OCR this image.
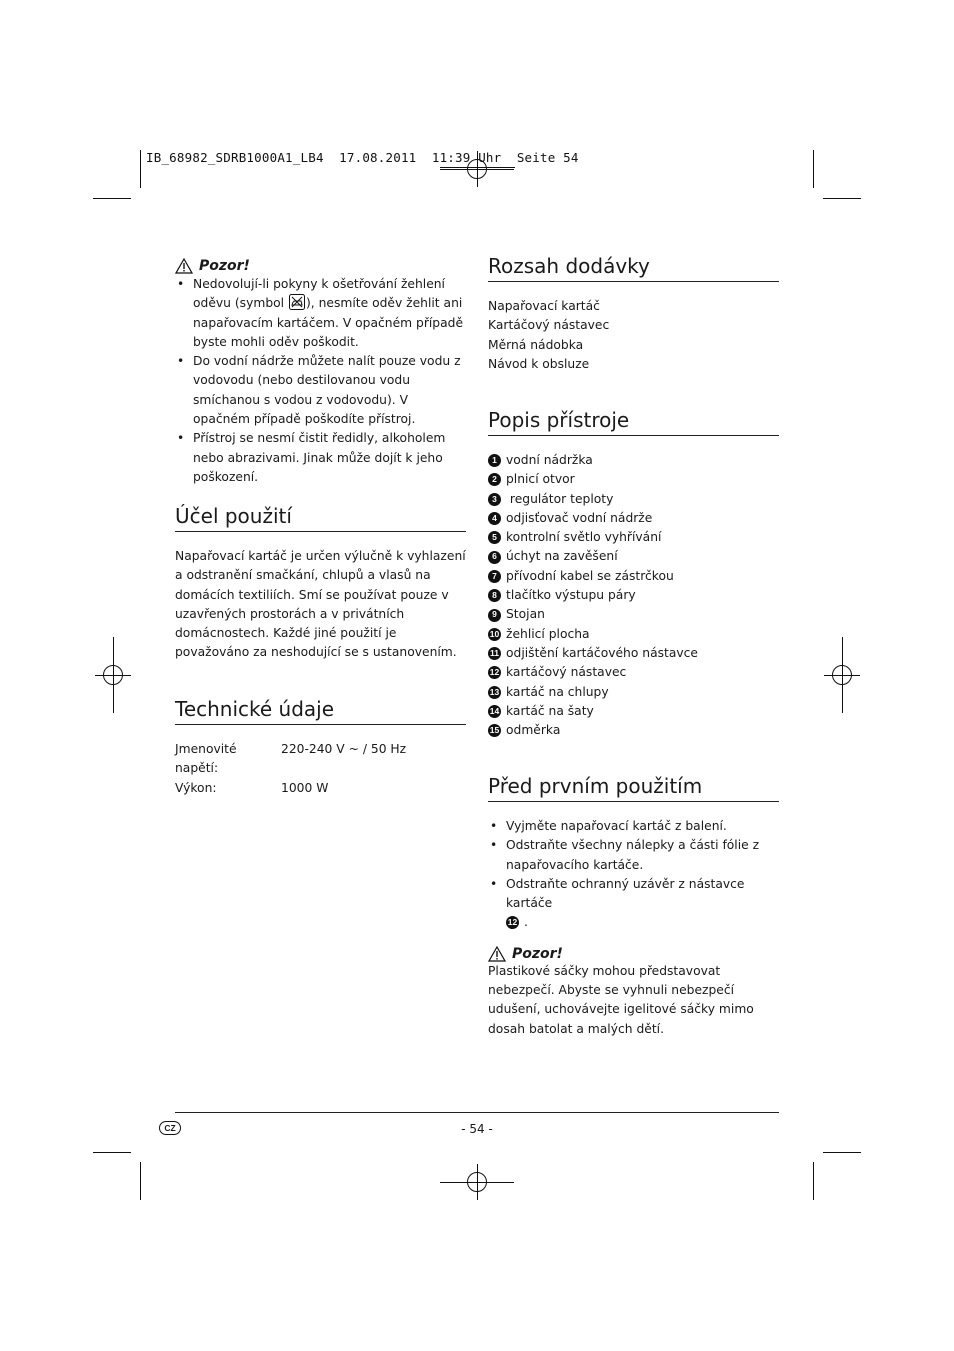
IB_68982_SDRB1000A1_LB4  17.08.2011  11:39 Uhr  Seite 54
Pozor!
• Nedovolují-li pokyny k ošetřování žehlení oděvu (symbol ), nesmíte oděv žehlit ani napařovacím kartáčem. V opačném případě byste mohli oděv poškodit.
• Do vodní nádrže můžete nalít pouze vodu z vodovodu (nebo destilovanou vodu smíchanou s vodou z vodovodu). V opačném případě poškodíte přístroj.
• Přístroj se nesmí čistit ředidly, alkoholem nebo abrazivami. Jinak může dojít k jeho poškození.
Účel použití

Napařovací kartáč je určen výlučně k vyhlazení a odstranění smačkání, chlupů a vlasů na domácích textiliích. Smí se používat pouze v uzavřených prostorách a v privátních domácnostech. Každé jiné použití je považováno za neshodující se s ustanovením.

Technické údaje
Jmenovité napětí:
220-240 V ~ / 50 Hz
Výkon:	1000 W
Rozsah dodávky
Napařovací kartáč
Kartáčový nástavec
Měrná nádobka
Návod k obsluze
Popis přístroje
1 vodní nádržka
2 plnicí otvor
3 regulátor teploty
4 odjisťovač vodní nádrže
5 kontrolní světlo vyhřívání
6 úchyt na zavěšení
7 přívodní kabel se zástrčkou
8 tlačítko výstupu páry
9 Stojan
10 žehlicí plocha
11 odjištění kartáčového nástavce
12 kartáčový nástavec
13 kartáč na chlupy
14 kartáč na šaty
15 odměrka
Před prvním použitím
• Vyjměte napařovací kartáč z balení.
• Odstraňte všechny nálepky a části fólie z napařovacího kartáče.
• Odstraňte ochranný uzávěr z nástavce kartáče
12 .
Pozor!

Plastikové sáčky mohou představovat nebezpečí. Abyste se vyhnuli nebezpečí udušení, uchovávejte igelitové sáčky mimo dosah batolat a malých dětí.

CZ	- 54 -
